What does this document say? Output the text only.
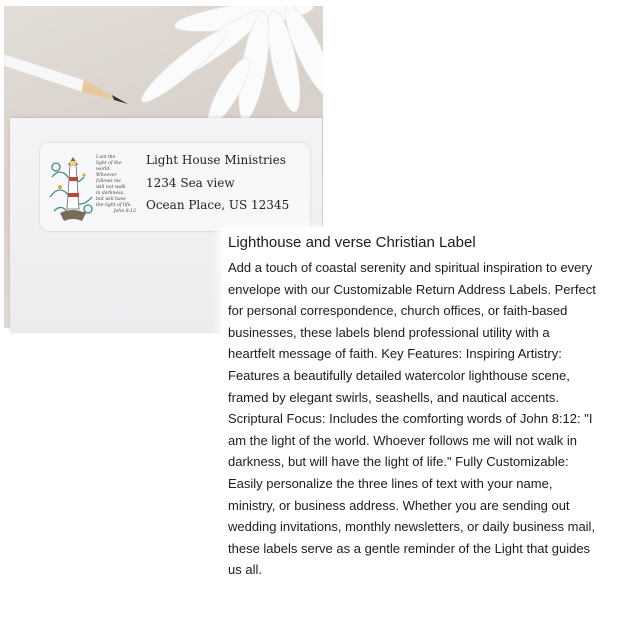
I am the
light of the world.
Whoever
follows me
will not walk
in darkness,
but will have
the light of life.
John 8:12
Light House Ministries
1234 Sea view
Ocean Place, US 12345
Lighthouse and verse Christian Label

Add a touch of coastal serenity and spiritual inspiration to every envelope with our Customizable Return Address Labels. Perfect for personal correspondence, church offices, or faith-based businesses, these labels blend professional utility with a heartfelt message of faith. Key Features: Inspiring Artistry: Features a beautifully detailed watercolor lighthouse scene, framed by elegant swirls, seashells, and nautical accents. Scriptural Focus: Includes the comforting words of John 8:12: "I am the light of the world. Whoever follows me will not walk in darkness, but will have the light of life." Fully Customizable: Easily personalize the three lines of text with your name, ministry, or business address. Whether you are sending out wedding invitations, monthly newsletters, or daily business mail, these labels serve as a gentle reminder of the Light that guides us all.
